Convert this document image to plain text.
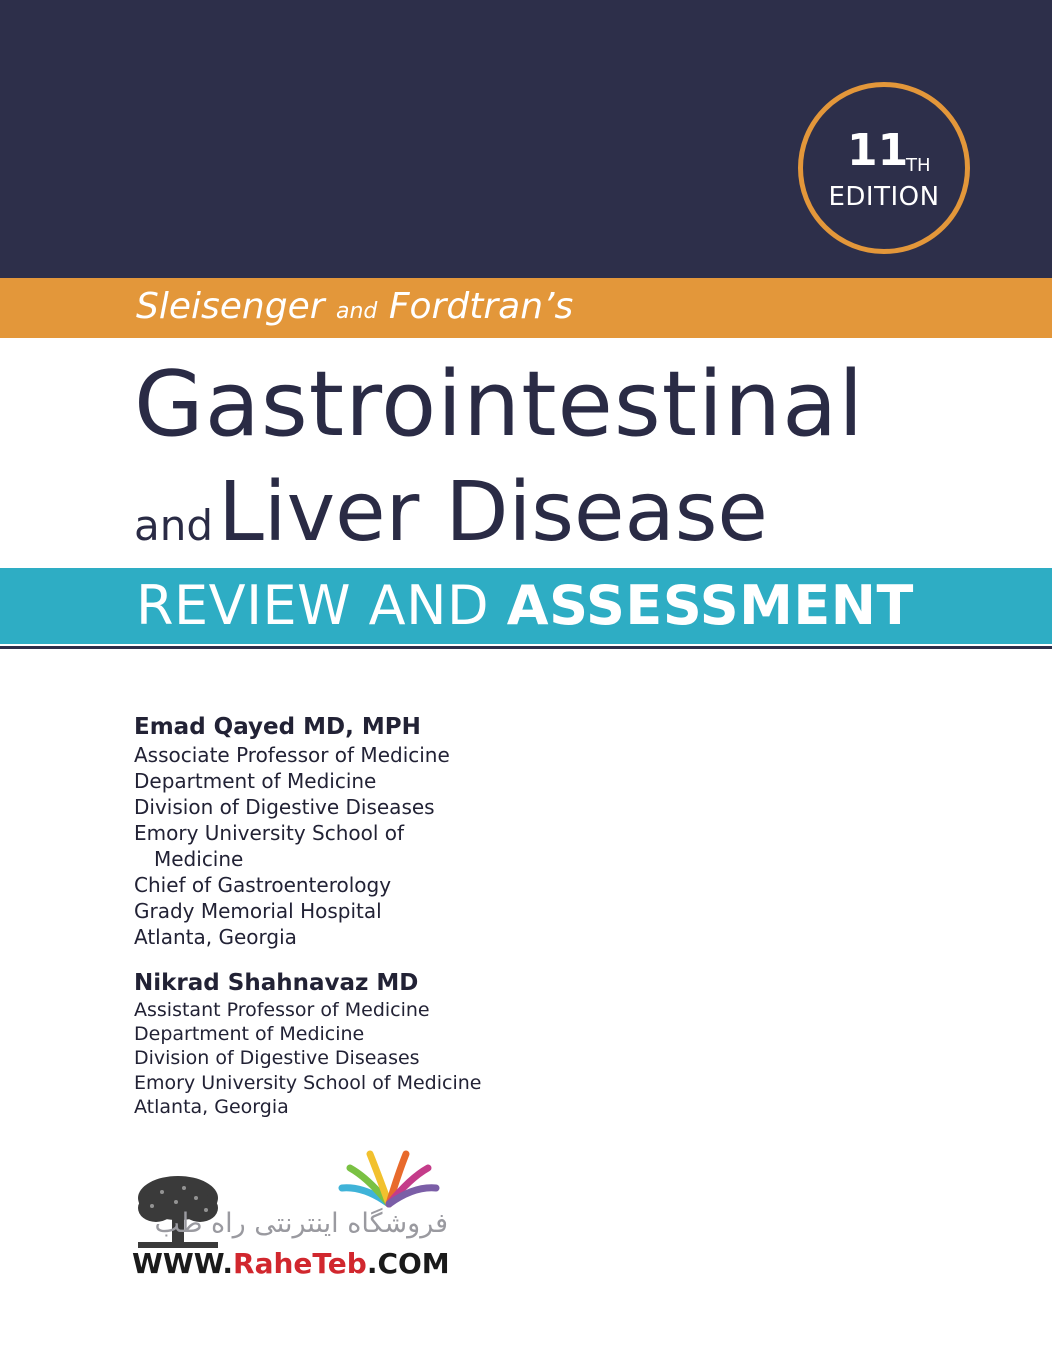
11
TH
EDITION
Sleisenger and Fordtran’s
Gastrointestinal
and Liver Disease
REVIEW AND ASSESSMENT

Emad Qayed MD, MPH

Associate Professor of Medicine

Department of Medicine

Division of Digestive Diseases

Emory University School of

Medicine

Chief of Gastroenterology

Grady Memorial Hospital

Atlanta, Georgia

Nikrad Shahnavaz MD

Assistant Professor of Medicine

Department of Medicine

Division of Digestive Diseases

Emory University School of Medicine

Atlanta, Georgia

فروشگاه اینترنتی راه طب
WWW.RaheTeb.COM
